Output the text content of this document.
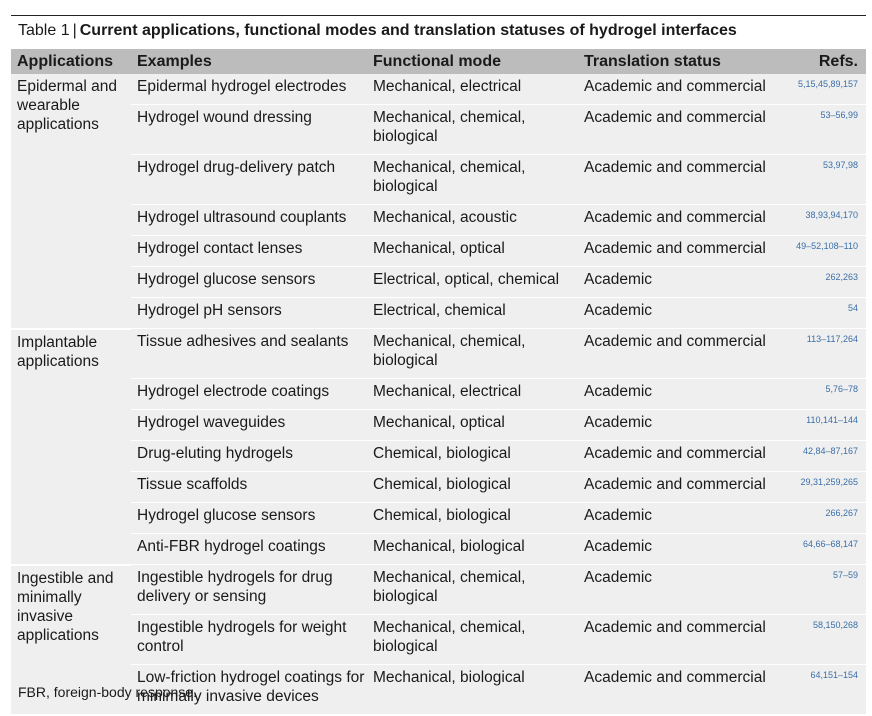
Table 1 | Current applications, functional modes and translation statuses of hydrogel interfaces
Applications	Examples	Functional mode	Translation status	Refs.
Epidermal and wearable applications	Epidermal hydrogel electrodes	Mechanical, electrical	Academic and commercial	5,15,45,89,157
	Hydrogel wound dressing	Mechanical, chemical, biological	Academic and commercial	53–56,99
	Hydrogel drug-delivery patch	Mechanical, chemical, biological	Academic and commercial	53,97,98
	Hydrogel ultrasound couplants	Mechanical, acoustic	Academic and commercial	38,93,94,170
	Hydrogel contact lenses	Mechanical, optical	Academic and commercial	49–52,108–110
	Hydrogel glucose sensors	Electrical, optical, chemical	Academic	262,263
	Hydrogel pH sensors	Electrical, chemical	Academic	54
Implantable applications	Tissue adhesives and sealants	Mechanical, chemical, biological	Academic and commercial	113–117,264
	Hydrogel electrode coatings	Mechanical, electrical	Academic	5,76–78
	Hydrogel waveguides	Mechanical, optical	Academic	110,141–144
	Drug-eluting hydrogels	Chemical, biological	Academic and commercial	42,84–87,167
	Tissue scaffolds	Chemical, biological	Academic and commercial	29,31,259,265
	Hydrogel glucose sensors	Chemical, biological	Academic	266,267
	Anti-FBR hydrogel coatings	Mechanical, biological	Academic	64,66–68,147
Ingestible and minimally invasive applications	Ingestible hydrogels for drug delivery or sensing	Mechanical, chemical, biological	Academic	57–59
	Ingestible hydrogels for weight control	Mechanical, chemical, biological	Academic and commercial	58,150,268
	Low-friction hydrogel coatings for minimally invasive devices	Mechanical, biological	Academic and commercial	64,151–154
FBR, foreign-body response.
